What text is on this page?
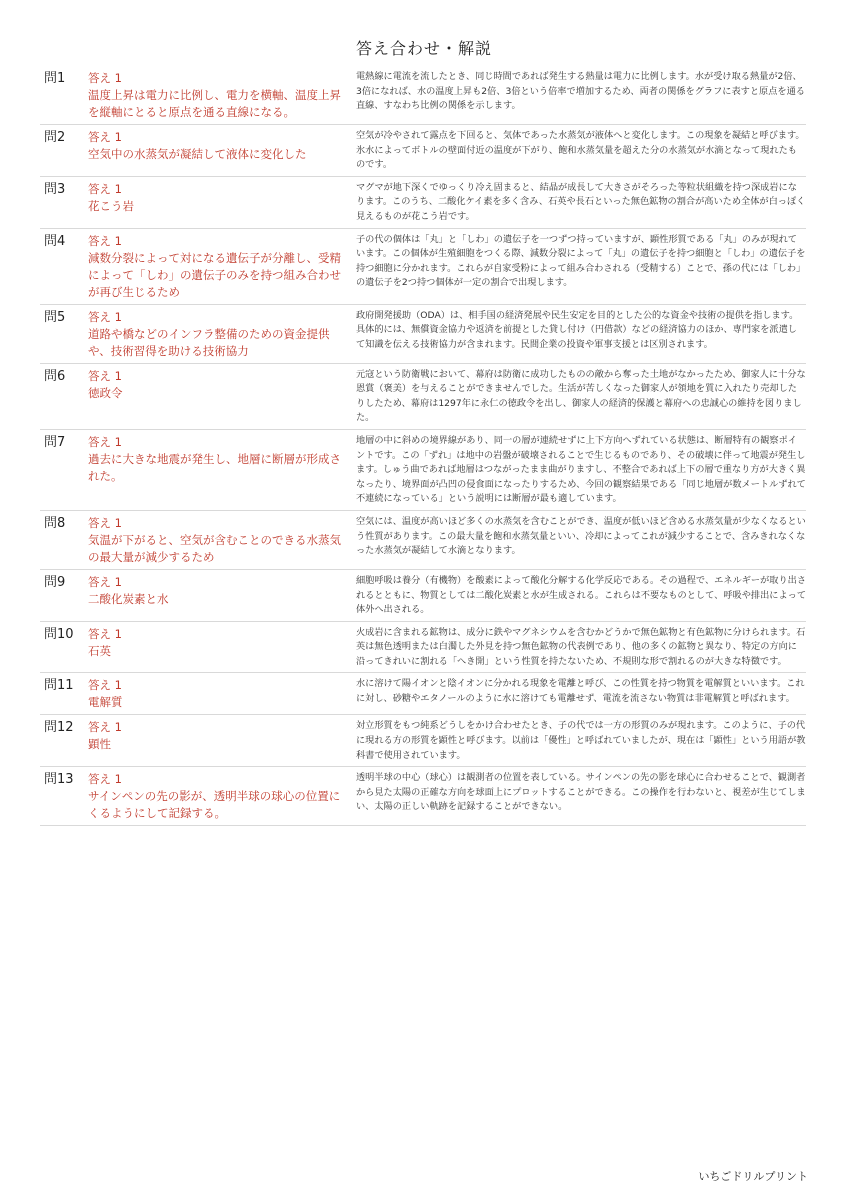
答え合わせ・解説
問1	答え 1
温度上昇は電力に比例し、電力を横軸、温度上昇を縦軸にとると原点を通る直線になる。
電熱線に電流を流したとき、同じ時間であれば発生する熱量は電力に比例します。水が受け取る熱量が2倍、3倍になれば、水の温度上昇も2倍、3倍という倍率で増加するため、両者の関係をグラフに表すと原点を通る直線、すなわち比例の関係を示します。
問2	答え 1
空気中の水蒸気が凝結して液体に変化した
空気が冷やされて露点を下回ると、気体であった水蒸気が液体へと変化します。この現象を凝結と呼びます。氷水によってボトルの壁面付近の温度が下がり、飽和水蒸気量を超えた分の水蒸気が水滴となって現れたものです。
問3	答え 1
花こう岩
マグマが地下深くでゆっくり冷え固まると、結晶が成長して大きさがそろった等粒状組織を持つ深成岩になります。このうち、二酸化ケイ素を多く含み、石英や長石といった無色鉱物の割合が高いため全体が白っぽく見えるものが花こう岩です。
問4	答え 1
減数分裂によって対になる遺伝子が分離し、受精によって「しわ」の遺伝子のみを持つ組み合わせが再び生じるため
子の代の個体は「丸」と「しわ」の遺伝子を一つずつ持っていますが、顕性形質である「丸」のみが現れています。この個体が生殖細胞をつくる際、減数分裂によって「丸」の遺伝子を持つ細胞と「しわ」の遺伝子を持つ細胞に分かれます。これらが自家受粉によって組み合わされる（受精する）ことで、孫の代には「しわ」の遺伝子を2つ持つ個体が一定の割合で出現します。
問5	答え 1
道路や橋などのインフラ整備のための資金提供や、技術習得を助ける技術協力
政府開発援助（ODA）は、相手国の経済発展や民生安定を目的とした公的な資金や技術の提供を指します。具体的には、無償資金協力や返済を前提とした貸し付け（円借款）などの経済協力のほか、専門家を派遣して知識を伝える技術協力が含まれます。民間企業の投資や軍事支援とは区別されます。
問6	答え 1
徳政令
元寇という防衛戦において、幕府は防衛に成功したものの敵から奪った土地がなかったため、御家人に十分な恩賞（褒美）を与えることができませんでした。生活が苦しくなった御家人が領地を質に入れたり売却したりしたため、幕府は1297年に永仁の徳政令を出し、御家人の経済的保護と幕府への忠誠心の維持を図りました。
問7	答え 1
過去に大きな地震が発生し、地層に断層が形成された。
地層の中に斜めの境界線があり、同一の層が連続せずに上下方向へずれている状態は、断層特有の観察ポイントです。この「ずれ」は地中の岩盤が破壊されることで生じるものであり、その破壊に伴って地震が発生します。しゅう曲であれば地層はつながったまま曲がりますし、不整合であれば上下の層で重なり方が大きく異なったり、境界面が凸凹の侵食面になったりするため、今回の観察結果である「同じ地層が数メートルずれて不連続になっている」という説明には断層が最も適しています。
問8	答え 1
気温が下がると、空気が含むことのできる水蒸気の最大量が減少するため
空気には、温度が高いほど多くの水蒸気を含むことができ、温度が低いほど含める水蒸気量が少なくなるという性質があります。この最大量を飽和水蒸気量といい、冷却によってこれが減少することで、含みきれなくなった水蒸気が凝結して水滴となります。
問9	答え 1
二酸化炭素と水
細胞呼吸は養分（有機物）を酸素によって酸化分解する化学反応である。その過程で、エネルギーが取り出されるとともに、物質としては二酸化炭素と水が生成される。これらは不要なものとして、呼吸や排出によって体外へ出される。
問10	答え 1
石英
火成岩に含まれる鉱物は、成分に鉄やマグネシウムを含むかどうかで無色鉱物と有色鉱物に分けられます。石英は無色透明または白濁した外見を持つ無色鉱物の代表例であり、他の多くの鉱物と異なり、特定の方向に沿ってきれいに割れる「へき開」という性質を持たないため、不規則な形で割れるのが大きな特徴です。
問11	答え 1
電解質
水に溶けて陽イオンと陰イオンに分かれる現象を電離と呼び、この性質を持つ物質を電解質といいます。これに対し、砂糖やエタノールのように水に溶けても電離せず、電流を流さない物質は非電解質と呼ばれます。
問12	答え 1
顕性
対立形質をもつ純系どうしをかけ合わせたとき、子の代では一方の形質のみが現れます。このように、子の代に現れる方の形質を顕性と呼びます。以前は「優性」と呼ばれていましたが、現在は「顕性」という用語が教科書で使用されています。
問13	答え 1
サインペンの先の影が、透明半球の球心の位置にくるようにして記録する。
透明半球の中心（球心）は観測者の位置を表している。サインペンの先の影を球心に合わせることで、観測者から見た太陽の正確な方向を球面上にプロットすることができる。この操作を行わないと、視差が生じてしまい、太陽の正しい軌跡を記録することができない。
いちごドリルプリント
